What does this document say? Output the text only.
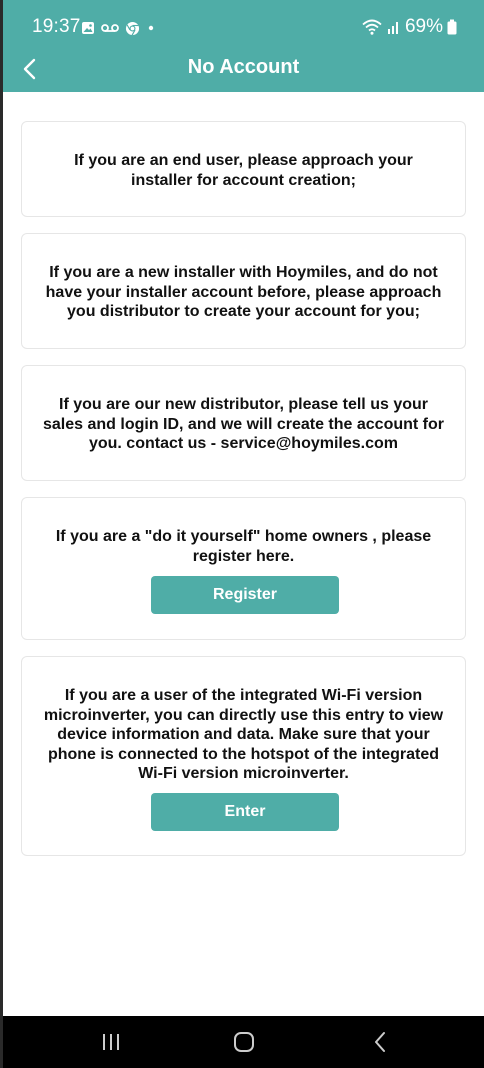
19:37	69%
No Account
If you are an end user, please approach your installer for account creation;
If you are a new installer with Hoymiles, and do not have your installer account before, please approach you distributor to create your account for you;
If you are our new distributor, please tell us your sales and login ID, and we will create the account for you. contact us - service@hoymiles.com
If you are a "do it yourself" home owners , please register here.
Register
If you are a user of the integrated Wi-Fi version microinverter, you can directly use this entry to view device information and data. Make sure that your phone is connected to the hotspot of the integrated Wi-Fi version microinverter.
Enter
